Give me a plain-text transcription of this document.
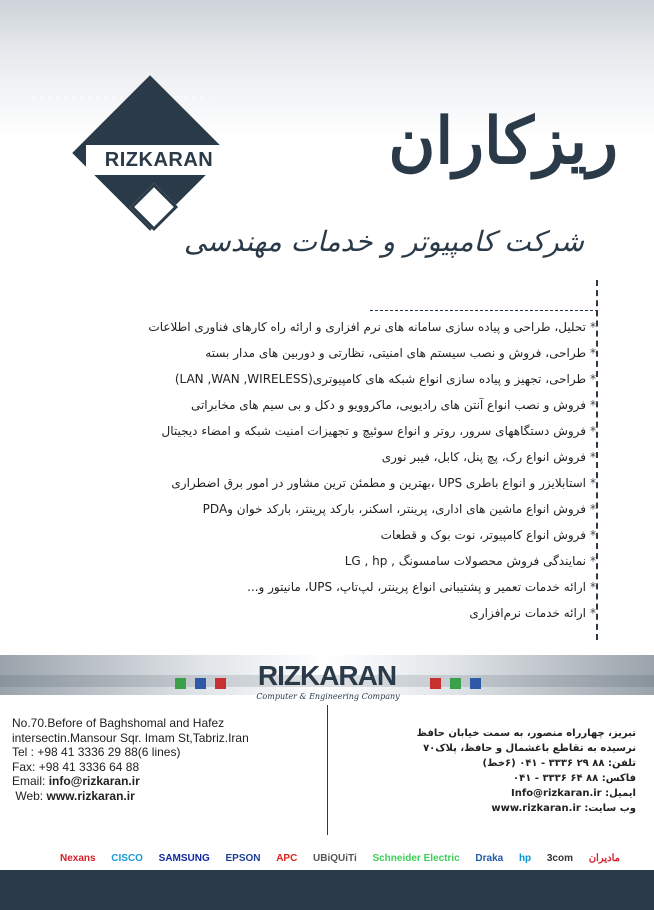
RIZKARAN	ریزکاران
شرکت کامپیوتر و خدمات مهندسی
*تحلیل، طراحی و پیاده سازی سامانه های نرم افزاری و ارائه راه کارهای فناوری اطلاعات
*طراحی، فروش و نصب سیستم های امنیتی، نظارتی و دوربین های مدار بسته
*طراحی، تجهیز و پیاده سازی انواع شبکه های کامپیوتری(LAN ,WAN ,WIRELESS)
*فروش و نصب انواع آنتن های رادیویی، ماکروویو و دکل و بی سیم های مخابراتی
*فروش دستگاههای سرور، روتر و انواع سوئیچ و تجهیزات امنیت شبکه و امضاء دیجیتال
*فروش انواع رک، پچ پنل، کابل، فیبر نوری
*استابلایزر و انواع باطری UPS ،بهترین و مطمئن ترین مشاور در امور برق اضطراری
*فروش انواع ماشین های اداری، پرینتر، اسکنر، بارکد پرینتر، بارکد خوان وPDA
*فروش انواع کامپیوتر، نوت بوک و قطعات
*نمایندگی فروش محصولات سامسونگ , LG , hp
*ارائه خدمات تعمیر و پشتیبانی انواع پرینتر، لپ‌تاپ، UPS، مانیتور و...
*ارائه خدمات نرم‌افزاری
RIZKARAN
Computer & Engineering Company
No.70.Before of Baghshomal and Hafez
intersectin.Mansour Sqr. Imam St,Tabriz.Iran
Tel : +98 41 3336 29 88(6 lines)
Fax: +98 41 3336 64 88
Email: info@rizkaran.ir
Web: www.rizkaran.ir
تبریز، چهارراه منصور، به سمت خیابان حافظ
نرسیده به تقاطع باغشمال و حافظ، پلاک۷۰
تلفن: ۸۸ ۲۹ ۳۳۳۶ - ۰۴۱ (۶خط)
فاکس: ۸۸ ۶۴ ۳۳۳۶ - ۰۴۱
ایمیل: Info@rizkaran.ir
وب سایت: www.rizkaran.ir
Nexans CISCO SAMSUNG EPSON APC UBiQUiTi Schneider Electric Draka hp 3com مادیران
